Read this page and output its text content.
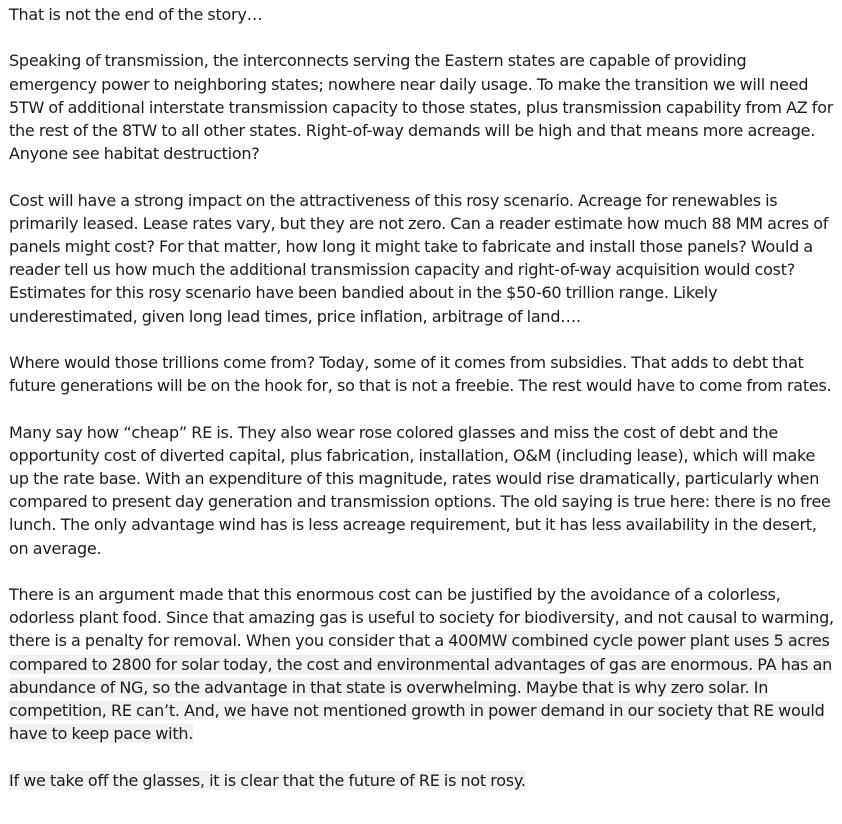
That is not the end of the story…

Speaking of transmission, the interconnects serving the Eastern states are capable of providing emergency power to neighboring states; nowhere near daily usage. To make the transition we will need 5TW of additional interstate transmission capacity to those states, plus transmission capability from AZ for the rest of the 8TW to all other states. Right-of-way demands will be high and that means more acreage. Anyone see habitat destruction?

Cost will have a strong impact on the attractiveness of this rosy scenario. Acreage for renewables is primarily leased. Lease rates vary, but they are not zero. Can a reader estimate how much 88 MM acres of panels might cost? For that matter, how long it might take to fabricate and install those panels? Would a reader tell us how much the additional transmission capacity and right-of-way acquisition would cost? Estimates for this rosy scenario have been bandied about in the $50-60 trillion range. Likely underestimated, given long lead times, price inflation, arbitrage of land….

Where would those trillions come from? Today, some of it comes from subsidies. That adds to debt that future generations will be on the hook for, so that is not a freebie. The rest would have to come from rates.

Many say how “cheap” RE is. They also wear rose colored glasses and miss the cost of debt and the opportunity cost of diverted capital, plus fabrication, installation, O&M (including lease), which will make up the rate base. With an expenditure of this magnitude, rates would rise dramatically, particularly when compared to present day generation and transmission options. The old saying is true here: there is no free lunch. The only advantage wind has is less acreage requirement, but it has less availability in the desert, on average.

There is an argument made that this enormous cost can be justified by the avoidance of a colorless, odorless plant food. Since that amazing gas is useful to society for biodiversity, and not causal to warming, there is a penalty for removal. When you consider that a 400MW combined cycle power plant uses 5 acres compared to 2800 for solar today, the cost and environmental advantages of gas are enormous. PA has an abundance of NG, so the advantage in that state is overwhelming. Maybe that is why zero solar. In competition, RE can’t. And, we have not mentioned growth in power demand in our society that RE would have to keep pace with.

If we take off the glasses, it is clear that the future of RE is not rosy.
